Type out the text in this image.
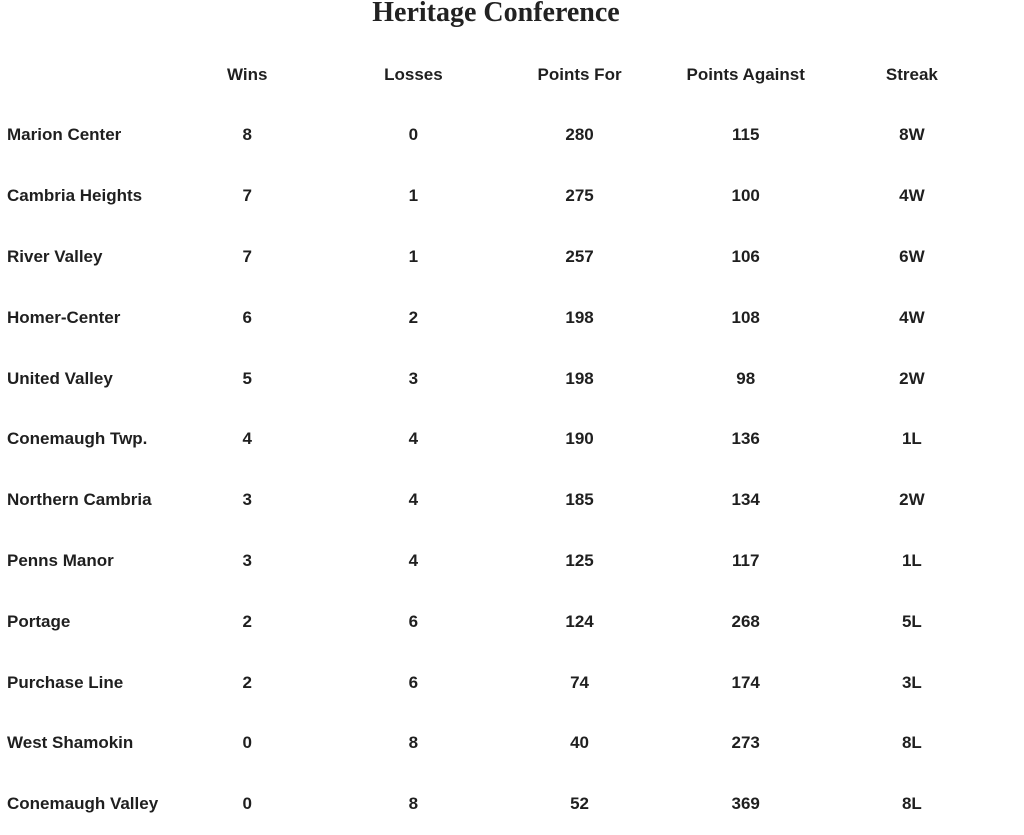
Heritage Conference
	Wins	Losses	Points For	Points Against	Streak
Marion Center	8	0	280	115	8W
Cambria Heights	7	1	275	100	4W
River Valley	7	1	257	106	6W
Homer-Center	6	2	198	108	4W
United Valley	5	3	198	98	2W
Conemaugh Twp.	4	4	190	136	1L
Northern Cambria	3	4	185	134	2W
Penns Manor	3	4	125	117	1L
Portage	2	6	124	268	5L
Purchase Line	2	6	74	174	3L
West Shamokin	0	8	40	273	8L
Conemaugh Valley	0	8	52	369	8L
